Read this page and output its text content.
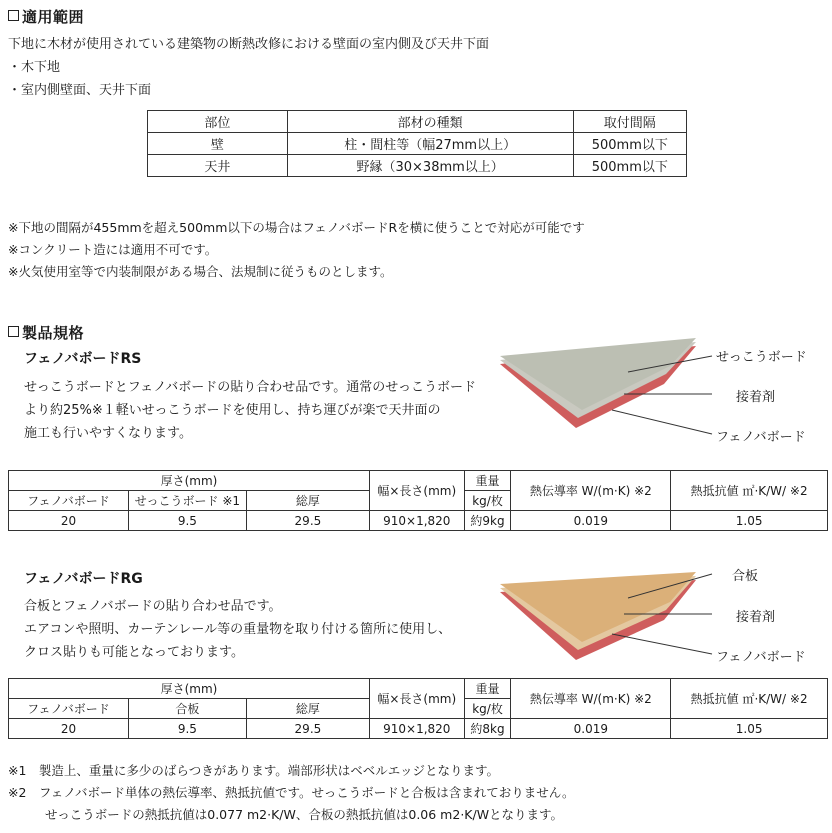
適用範囲
下地に木材が使用されている建築物の断熱改修における壁面の室内側及び天井下面
・木下地
・室内側壁面、天井下面
部位	部材の種類	取付間隔
壁	柱・間柱等（幅27mm以上）	500mm以下
天井	野縁（30×38mm以上）	500mm以下
※下地の間隔が455mmを超え500mm以下の場合はフェノバボードRを横に使うことで対応が可能です
※コンクリート造には適用不可です。
※火気使用室等で内装制限がある場合、法規制に従うものとします。
製品規格
フェノバボードRS
せっこうボードとフェノバボードの貼り合わせ品です。通常のせっこうボード
より約25%※１軽いせっこうボードを使用し、持ち運びが楽で天井面の
施工も行いやすくなります。
せっこうボード
接着剤
フェノバボード
厚さ(mm)			幅×長さ(mm)	重量	熱伝導率 W/(m·K) ※2	熱抵抗値 ㎡·K/W/ ※2
フェノバボード	せっこうボード ※1	総厚		kg/枚		
20	9.5	29.5	910×1,820	約9kg	0.019	1.05
フェノバボードRG
合板とフェノバボードの貼り合わせ品です。
エアコンや照明、カーテンレール等の重量物を取り付ける箇所に使用し、
クロス貼りも可能となっております。
合板
接着剤
フェノバボード
厚さ(mm)			幅×長さ(mm)	重量	熱伝導率 W/(m·K) ※2	熱抵抗値 ㎡·K/W/ ※2
フェノバボード	合板	総厚		kg/枚		
20	9.5	29.5	910×1,820	約8kg	0.019	1.05
※1　製造上、重量に多少のばらつきがあります。端部形状はベベルエッジとなります。
※2　フェノバボード単体の熱伝導率、熱抵抗値です。せっこうボードと合板は含まれておりません。
せっこうボードの熱抵抗値は0.077 m2·K/W、合板の熱抵抗値は0.06 m2·K/Wとなります。
